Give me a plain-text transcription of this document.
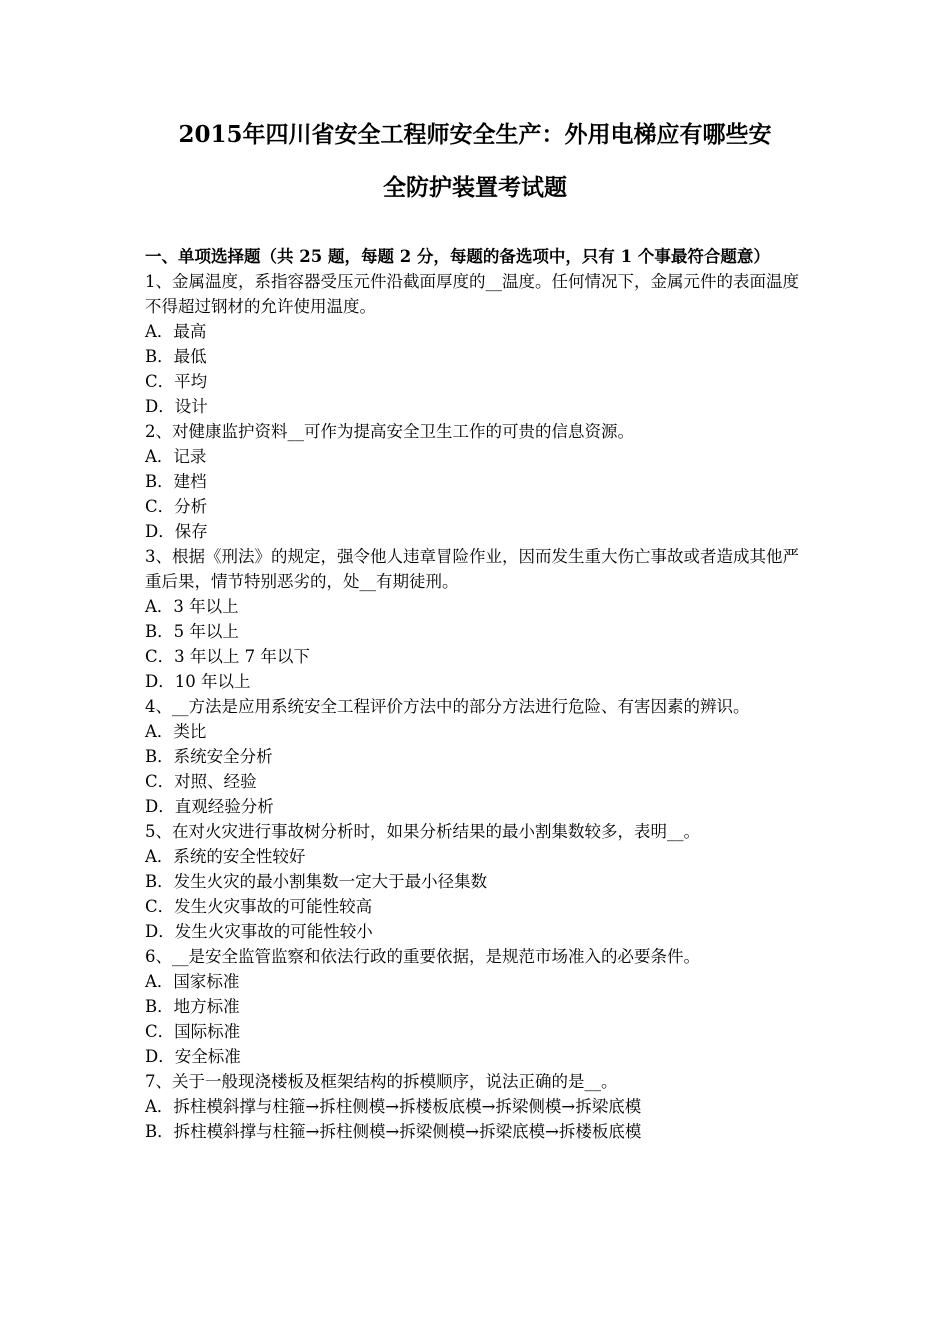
2015年四川省安全工程师安全生产：外用电梯应有哪些安
全防护装置考试题
一、单项选择题（共 25 题，每题 2 分，每题的备选项中，只有 1 个事最符合题意）
1、金属温度，系指容器受压元件沿截面厚度的__温度。任何情况下，金属元件的表面温度不得超过钢材的允许使用温度。
A．最高
B．最低
C．平均
D．设计
2、对健康监护资料__可作为提高安全卫生工作的可贵的信息资源。
A．记录
B．建档
C．分析
D．保存
3、根据《刑法》的规定，强令他人违章冒险作业，因而发生重大伤亡事故或者造成其他严重后果，情节特别恶劣的，处__有期徒刑。
A．3 年以上
B．5 年以上
C．3 年以上 7 年以下
D．10 年以上
4、__方法是应用系统安全工程评价方法中的部分方法进行危险、有害因素的辨识。
A．类比
B．系统安全分析
C．对照、经验
D．直观经验分析
5、在对火灾进行事故树分析时，如果分析结果的最小割集数较多，表明__。
A．系统的安全性较好
B．发生火灾的最小割集数一定大于最小径集数
C．发生火灾事故的可能性较高
D．发生火灾事故的可能性较小
6、__是安全监管监察和依法行政的重要依据，是规范市场准入的必要条件。
A．国家标准
B．地方标准
C．国际标准
D．安全标准
7、关于一般现浇楼板及框架结构的拆模顺序，说法正确的是__。
A．拆柱模斜撑与柱箍→拆柱侧模→拆楼板底模→拆梁侧模→拆梁底模
B．拆柱模斜撑与柱箍→拆柱侧模→拆梁侧模→拆梁底模→拆楼板底模
